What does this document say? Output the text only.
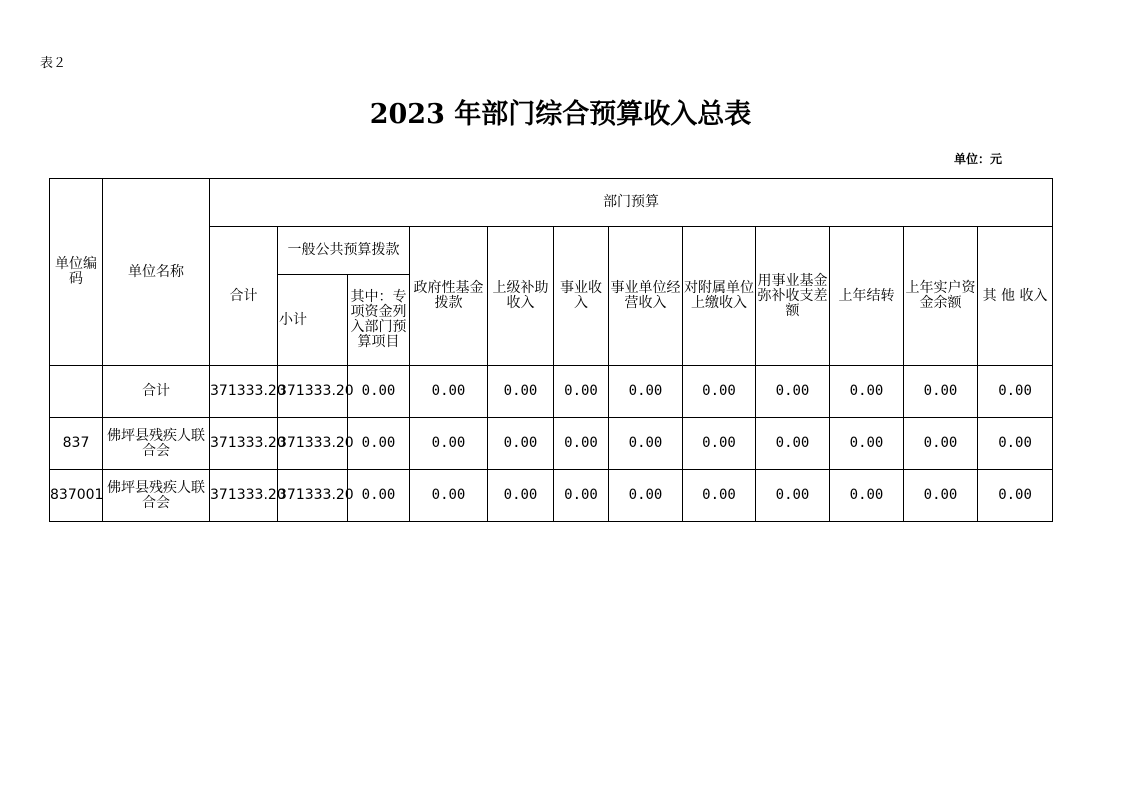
表２
2023 年部门综合预算收入总表
单位：元
单位编码	单位名称	部门预算											
		合计	一般公共预算拨款		政府性基金拨款	上级补助收入	事业收入	事业单位经营收入	对附属单位上缴收入	用事业基金弥补收支差额	上年结转	上年实户资金余额	其 他 收入
			小计	其中：专项资金列入部门预算项目									
	合计	371333.20	371333.20	0.00	0.00	0.00	0.00	0.00	0.00	0.00	0.00	0.00	0.00
837	佛坪县残疾人联合会	371333.20	371333.20	0.00	0.00	0.00	0.00	0.00	0.00	0.00	0.00	0.00	0.00
837001	佛坪县残疾人联合会	371333.20	371333.20	0.00	0.00	0.00	0.00	0.00	0.00	0.00	0.00	0.00	0.00
